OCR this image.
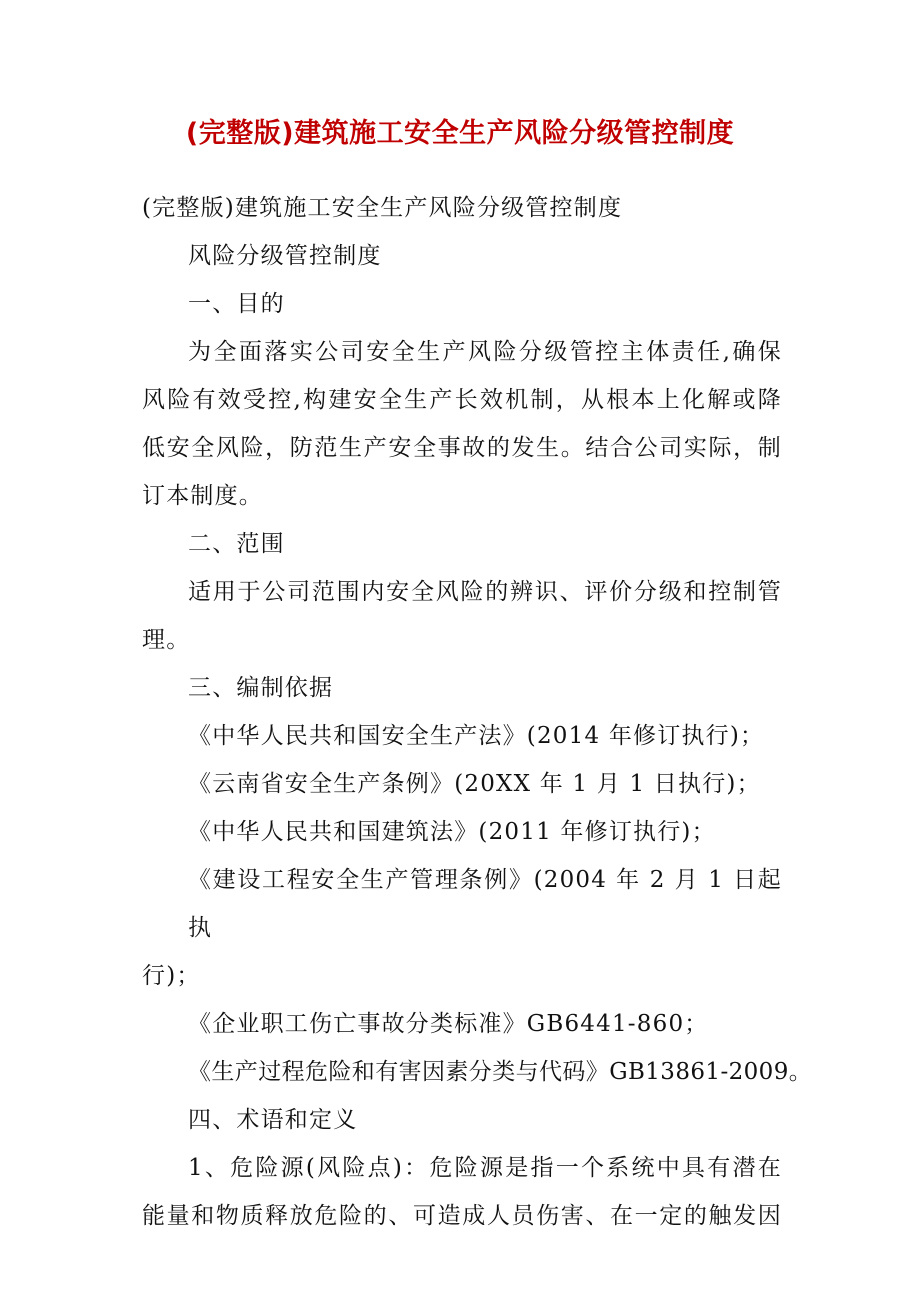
(完整版)建筑施工安全生产风险分级管控制度

(完整版)建筑施工安全生产风险分级管控制度

风险分级管控制度

一、目的

为全面落实公司安全生产风险分级管控主体责任,确保

风险有效受控,构建安全生产长效机制，从根本上化解或降

低安全风险，防范生产安全事故的发生。结合公司实际，制

订本制度。

二、范围

适用于公司范围内安全风险的辨识、评价分级和控制管

理。

三、编制依据

《中华人民共和国安全生产法》(2014 年修订执行)；

《云南省安全生产条例》(20XX 年 1 月 1 日执行)；

《中华人民共和国建筑法》(2011 年修订执行)；

《建设工程安全生产管理条例》(2004 年 2 月 1 日起执

行)；

《企业职工伤亡事故分类标准》GB6441-860；

《生产过程危险和有害因素分类与代码》GB13861-2009。

四、术语和定义

1、危险源(风险点)：危险源是指一个系统中具有潜在

能量和物质释放危险的、可造成人员伤害、在一定的触发因
